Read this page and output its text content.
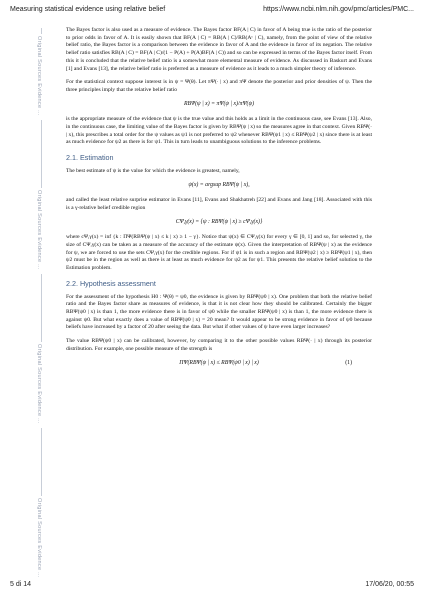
Measuring statistical evidence using relative belief	https://www.ncbi.nlm.nih.gov/pmc/articles/PMC...
Original Sources Evidence ...
Original Sources Evidence ...
Original Sources Evidence ...
Original Sources Evidence ...

The Bayes factor is also used as a measure of evidence. The Bayes factor BF(A | C) in favor of A being true is the ratio of the posterior to prior odds in favor of A. It is easily shown that BF(A | C) = RB(A | C)/RB(Aᶜ | C), namely, from the point of view of the relative belief ratio, the Bayes factor is a comparison between the evidence in favor of A and the evidence in favor of its negation. The relative belief ratio satisfies RB(A | C) = BF(A | C)/(1 − P(A) + P(A)BF(A | C)) and so can be expressed in terms of the Bayes factor itself. From this it is concluded that the relative belief ratio is a somewhat more elemental measure of evidence. As discussed in Baskurt and Evans [1] and Evans [13], the relative belief ratio is preferred as a measure of evidence as it leads to a much simpler theory of inference.

For the statistical context suppose interest is in ψ = Ψ(θ). Let πΨ(· | x) and πΨ denote the posterior and prior densities of ψ. Then the three principles imply that the relative belief ratio

RBΨ(ψ | x) = πΨ(ψ | x)/πΨ(ψ)

is the appropriate measure of the evidence that ψ is the true value and this holds as a limit in the continuous case, see Evans [13]. Also, in the continuous case, the limiting value of the Bayes factor is given by RBΨ(ψ | x) so the measures agree in that context. Given RBΨ(· | x), this prescribes a total order for the ψ values as ψ1 is not preferred to ψ2 whenever RBΨ(ψ1 | x) ≤ RBΨ(ψ2 | x) since there is at least as much evidence for ψ2 as there is for ψ1. This in turn leads to unambiguous solutions to the inference problems.

2.1. Estimation

The best estimate of ψ is the value for which the evidence is greatest, namely,

ψ(x) = argsup RBΨ(ψ | x),

and called the least relative surprise estimator in Evans [11], Evans and Shakhatreh [22] and Evans and Jang [18]. Associated with this is a γ-relative belief credible region

CΨ,γ(x) = {ψ : RBΨ(ψ | x) ≥ cΨ,γ(x)}

where cΨ,γ(x) = inf {k : ΠΨ(RBΨ(ψ | x) ≤ k | x) ≥ 1 − γ}. Notice that ψ(x) ∈ CΨ,γ(x) for every γ ∈ [0, 1] and so, for selected γ, the size of CΨ,γ(x) can be taken as a measure of the accuracy of the estimate ψ(x). Given the interpretation of RBΨ(ψ | x) as the evidence for ψ, we are forced to use the sets CΨ,γ(x) for the credible regions. For if ψ1 is in such a region and RBΨ(ψ2 | x) ≥ RBΨ(ψ1 | x), then ψ2 must be in the region as well as there is at least as much evidence for ψ2 as for ψ1. This presents the relative belief solution to the Estimation problem.

2.2. Hypothesis assessment

For the assessment of the hypothesis H0 : Ψ(θ) = ψ0, the evidence is given by RBΨ(ψ0 | x). One problem that both the relative belief ratio and the Bayes factor share as measures of evidence, is that it is not clear how they should be calibrated. Certainly the bigger RBΨ(ψ0 | x) is than 1, the more evidence there is in favor of ψ0 while the smaller RBΨ(ψ0 | x) is than 1, the more evidence there is against ψ0. But what exactly does a value of RBΨ(ψ0 | x) = 20 mean? It would appear to be strong evidence in favor of ψ0 because beliefs have increased by a factor of 20 after seeing the data. But what if other values of ψ have even larger increases?

The value RBΨ(ψ0 | x) can be calibrated, however, by comparing it to the other possible values RBΨ(· | x) through its posterior distribution. For example, one possible measure of the strength is

ΠΨ(RBΨ(ψ | x) ≤ RBΨ(ψ0 | x) | x)	(1)
5 di 14	17/06/20, 00:55
